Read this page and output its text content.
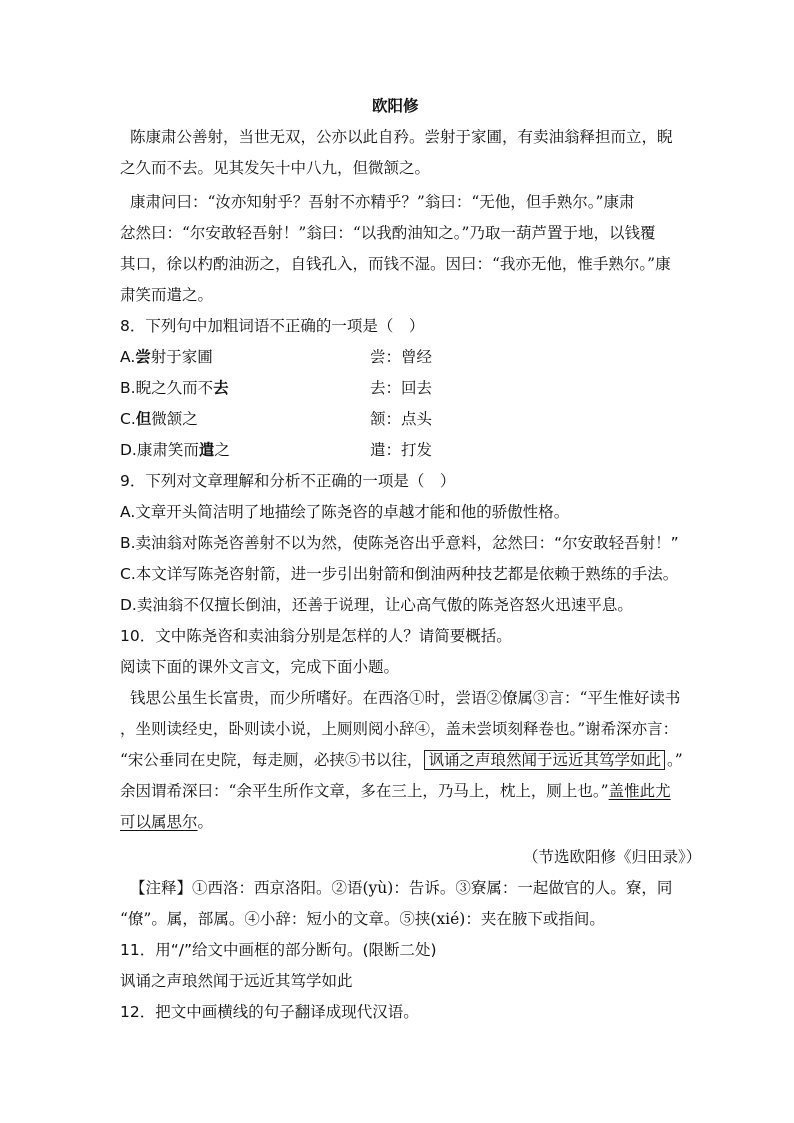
欧阳修
陈康肃公善射，当世无双，公亦以此自矜。尝射于家圃，有卖油翁释担而立，睨
之久而不去。见其发矢十中八九，但微颔之。
康肃问曰：“汝亦知射乎？吾射不亦精乎？”翁曰：“无他，但手熟尔。”康肃
忿然曰：“尔安敢轻吾射！”翁曰：“以我酌油知之。”乃取一葫芦置于地，以钱覆
其口，徐以杓酌油沥之，自钱孔入，而钱不湿。因曰：“我亦无他，惟手熟尔。”康
肃笑而遣之。
8．下列句中加粗词语不正确的一项是（　）
A.尝射于家圃	尝：曾经
B.睨之久而不去	去：回去
C.但微颔之	颔：点头
D.康肃笑而遣之	遣：打发
9．下列对文章理解和分析不正确的一项是（　）
A.文章开头简洁明了地描绘了陈尧咨的卓越才能和他的骄傲性格。
B.卖油翁对陈尧咨善射不以为然，使陈尧咨出乎意料，忿然曰：“尔安敢轻吾射！”
C.本文详写陈尧咨射箭，进一步引出射箭和倒油两种技艺都是依赖于熟练的手法。
D.卖油翁不仅擅长倒油，还善于说理，让心高气傲的陈尧咨怒火迅速平息。
10．文中陈尧咨和卖油翁分别是怎样的人？请简要概括。
阅读下面的课外文言文，完成下面小题。
钱思公虽生长富贵，而少所嗜好。在西洛①时，尝语②僚属③言：“平生惟好读书
，坐则读经史，卧则读小说，上厕则阅小辞④，盖未尝顷刻释卷也。”谢希深亦言：
“宋公垂同在史院，每走厕，必挟⑤书以往， 讽诵之声琅然闻于远近其笃学如此 。”
余因谓希深曰：“余平生所作文章，多在三上，乃马上，枕上，厕上也。”盖惟此尤
可以属思尔。
（节选欧阳修《归田录》）
【注释】①西洛：西京洛阳。②语(yù)：告诉。③寮属：一起做官的人。寮，同
“僚”。属，部属。④小辞：短小的文章。⑤挟(xié)：夹在腋下或指间。
11．用“/”给文中画框的部分断句。(限断二处)
讽诵之声琅然闻于远近其笃学如此
12．把文中画横线的句子翻译成现代汉语。
